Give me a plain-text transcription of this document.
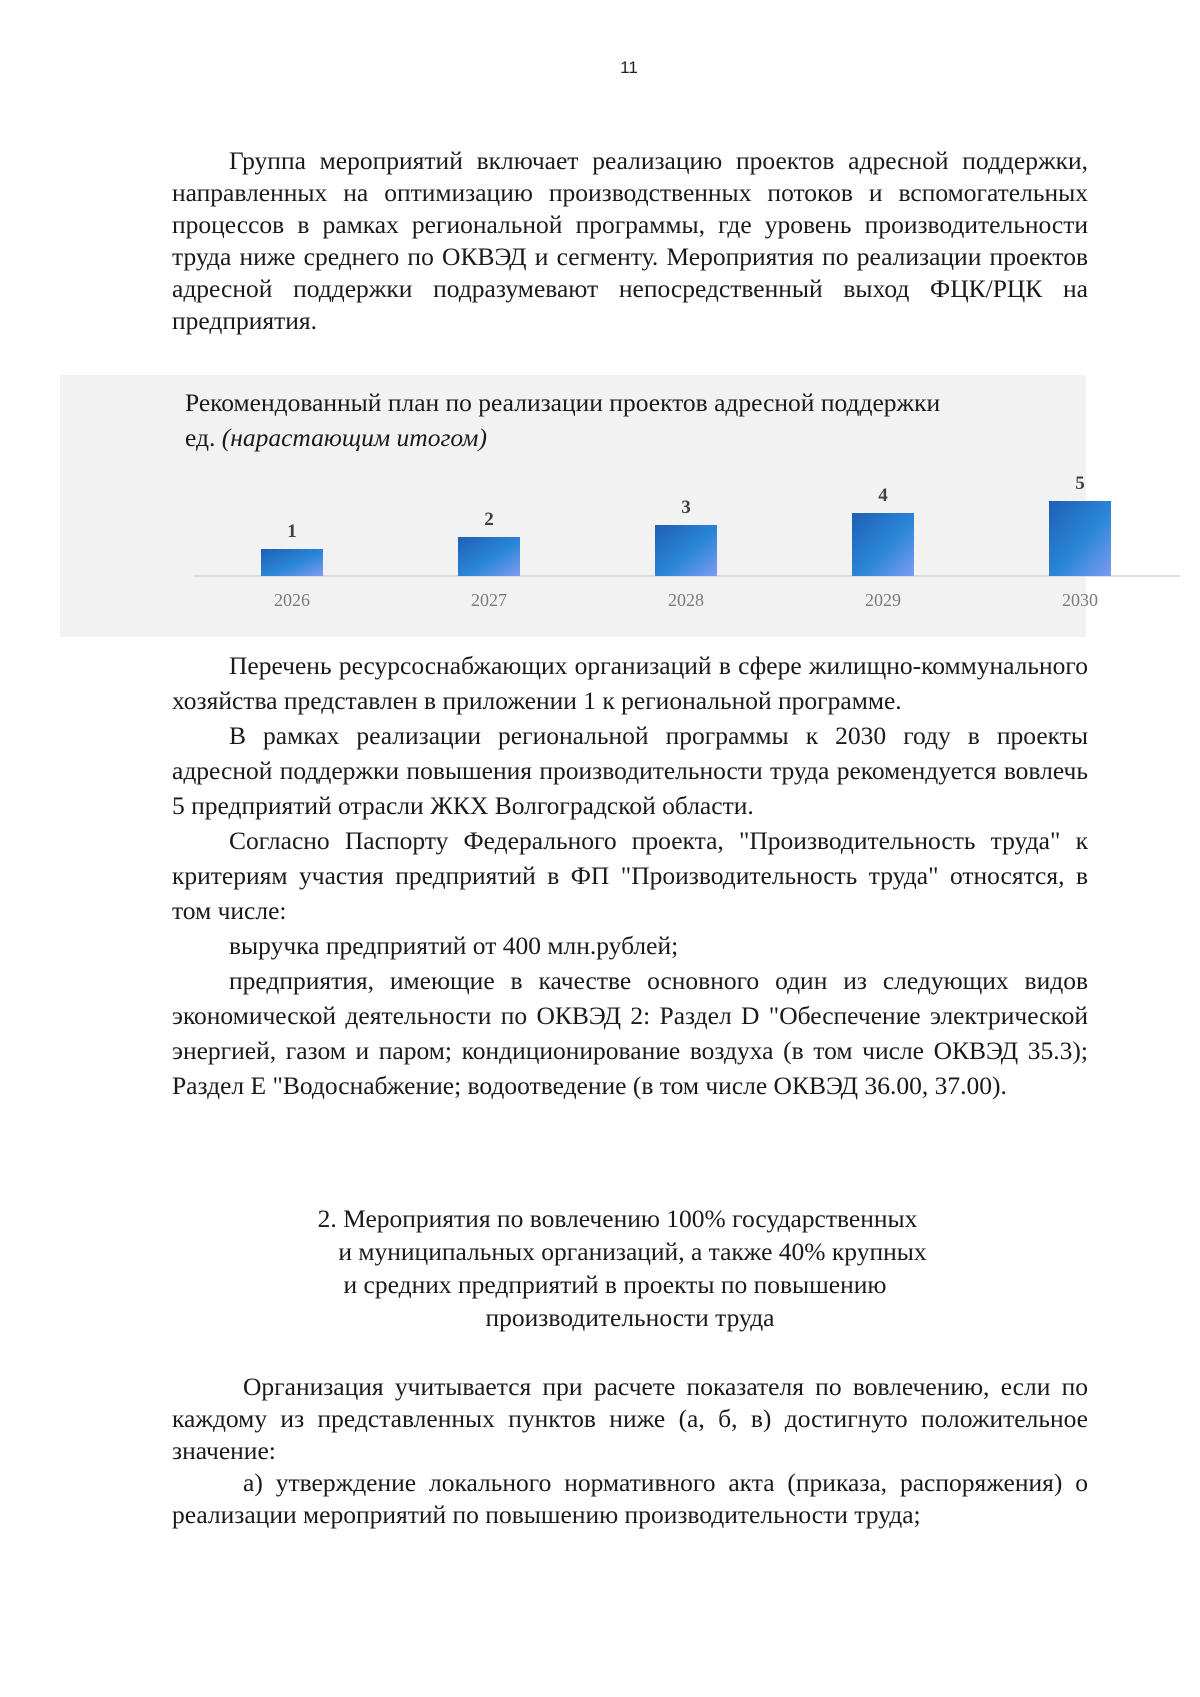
11

Группа мероприятий включает реализацию проектов адресной поддержки, направленных на оптимизацию производственных потоков и вспомогательных процессов в рамках региональной программы, где уровень производительности труда ниже среднего по ОКВЭД и сегменту. Мероприятия по реализации проектов адресной поддержки подразумевают непосредственный выход ФЦК/РЦК на предприятия.

Рекомендованный план по реализации проектов адресной поддержки
ед. (нарастающим итогом)
1
2026
2
2027
3
2028
4
2029
5
2030

Перечень ресурсоснабжающих организаций в сфере жилищно-коммунального хозяйства представлен в приложении 1 к региональной программе.

В рамках реализации региональной программы к 2030 году в проекты адресной поддержки повышения производительности труда рекомендуется вовлечь 5 предприятий отрасли ЖКХ Волгоградской области.

Согласно Паспорту Федерального проекта, "Производительность труда" к критериям участия предприятий в ФП "Производительность труда" относятся, в том числе:

выручка предприятий от 400 млн.рублей;

предприятия, имеющие в качестве основного один из следующих видов экономической деятельности по ОКВЭД 2: Раздел D "Обеспечение электрической энергией, газом и паром; кондиционирование воздуха (в том числе ОКВЭД 35.3); Раздел Е "Водоснабжение; водоотведение (в том числе ОКВЭД 36.00, 37.00).

2. Мероприятия по вовлечению 100% государственных
и муниципальных организаций, а также 40% крупных
и средних предприятий в проекты по повышению
производительности труда

Организация учитывается при расчете показателя по вовлечению, если по каждому из представленных пунктов ниже (а, б, в) достигнуто положительное значение:

а) утверждение локального нормативного акта (приказа, распоряжения) о реализации мероприятий по повышению производительности труда;
